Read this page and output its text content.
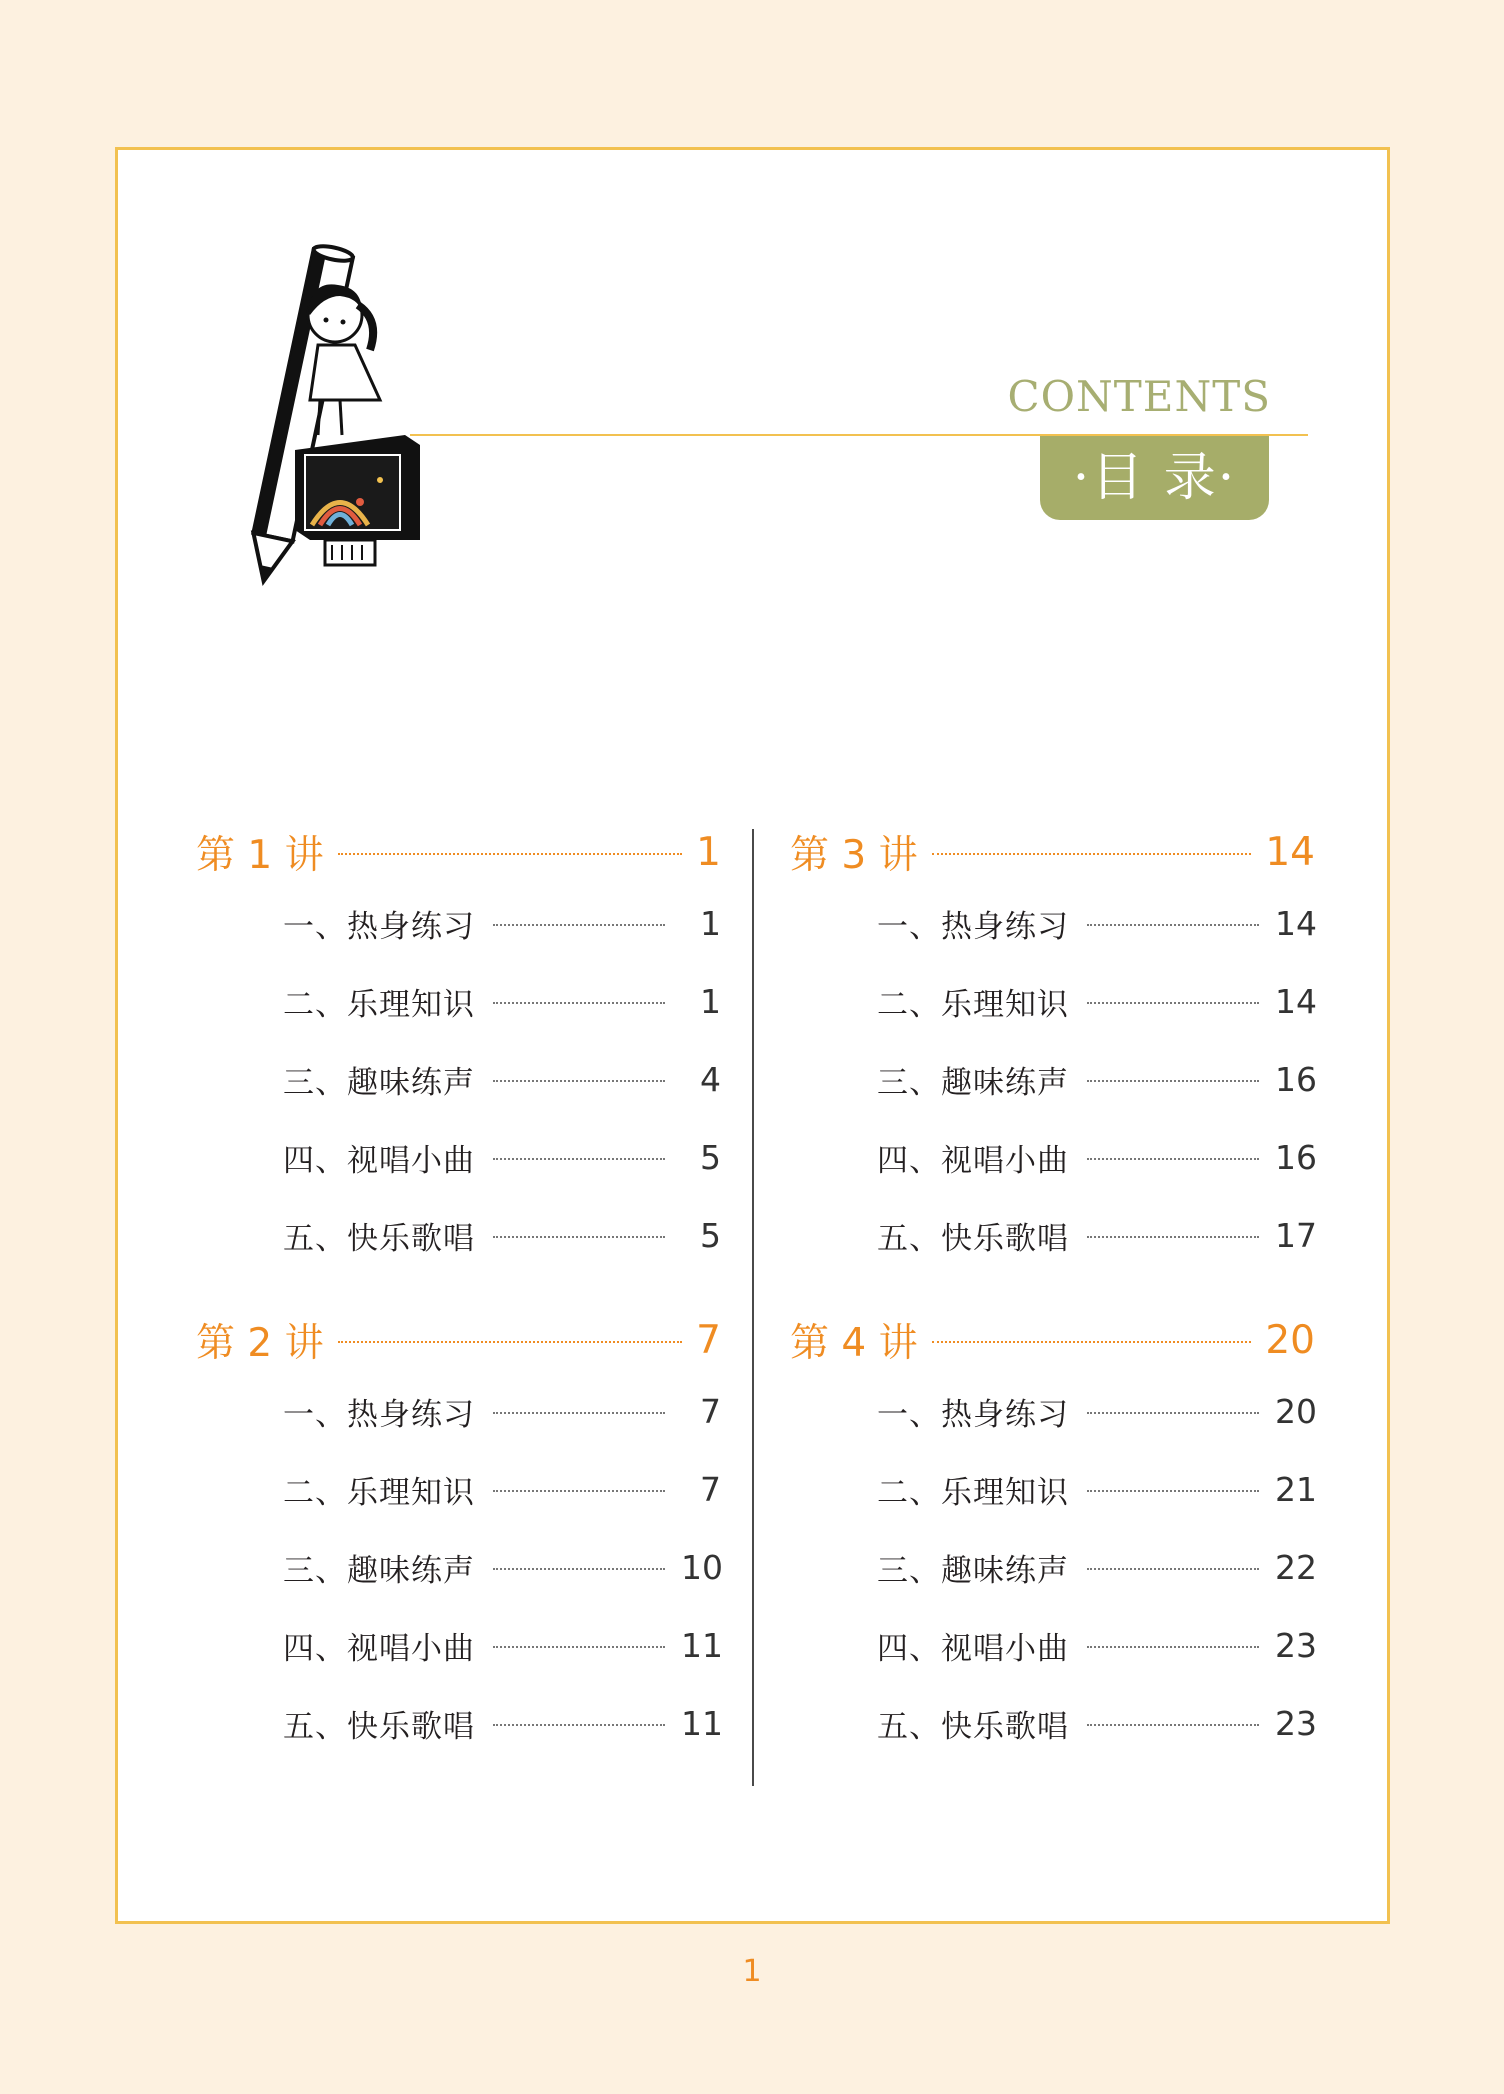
CONTENTS
·目 录·
第 1 讲	1
一、热身练习	1
二、乐理知识	1
三、趣味练声	4
四、视唱小曲	5
五、快乐歌唱	5
第 2 讲	7
一、热身练习	7
二、乐理知识	7
三、趣味练声	10
四、视唱小曲	11
五、快乐歌唱	11
第 3 讲	14
一、热身练习	14
二、乐理知识	14
三、趣味练声	16
四、视唱小曲	16
五、快乐歌唱	17
第 4 讲	20
一、热身练习	20
二、乐理知识	21
三、趣味练声	22
四、视唱小曲	23
五、快乐歌唱	23
1
